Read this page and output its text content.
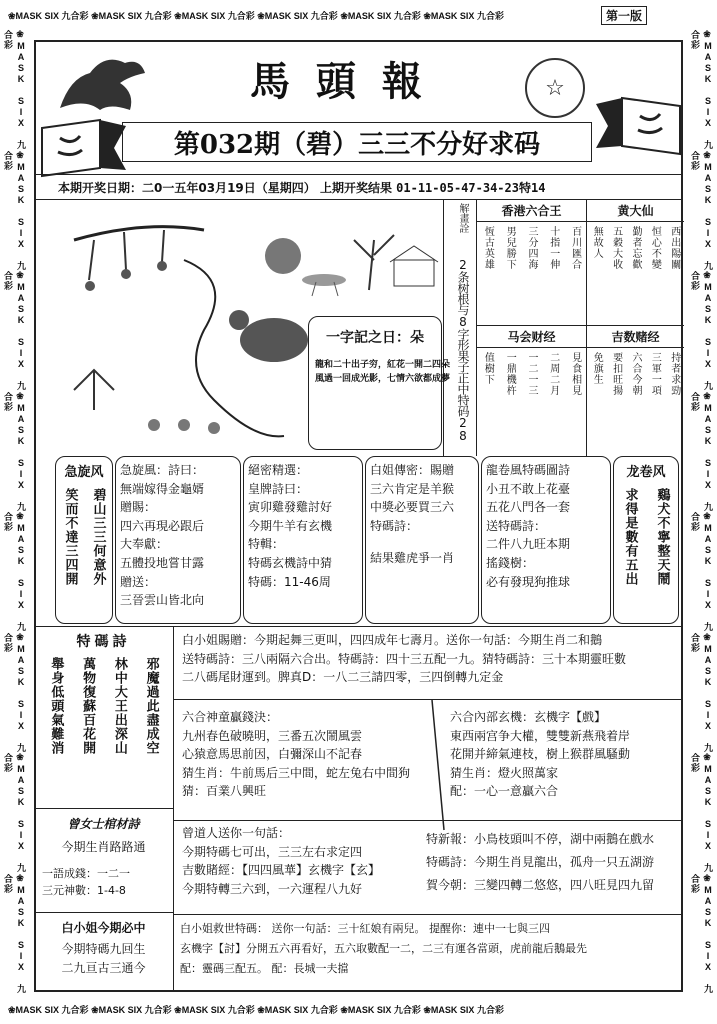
❀MASK SIX 九合彩
❀MASK SIX 九合彩
❀MASK SIX 九合彩
❀MASK SIX 九合彩
❀MASK SIX 九合彩
❀MASK SIX 九合彩	第一版
❀MASK SIX 九合彩
❀MASK SIX 九合彩
❀MASK SIX 九合彩
❀MASK SIX 九合彩
❀MASK SIX 九合彩
❀MASK SIX 九合彩
❀MASK SIX 九合彩
❀MASK SIX 九合彩
❀MASK SIX 九合彩
❀MASK SIX 九合彩
❀MASK SIX 九合彩
❀MASK SIX 九合彩
❀MASK SIX 九合彩
❀MASK SIX 九合彩
❀MASK SIX 九合彩
❀MASK SIX 九合彩
❀MASK SIX 九合彩
❀MASK SIX 九合彩
❀MASK SIX 九合彩
❀MASK SIX 九合彩
❀MASK SIX 九合彩
❀MASK SIX 九合彩
馬 頭 報	☆
第032期（碧）三三不分好求码
本期开奖日期： 二0一五年03月19日（星期四）
上期开奖结果
01-11-05-47-34-23特14
解畫詮
2条树根与8字形果子正中特码28
一字記之日：朵
龍和二十出子穷，紅花一開二四朵
風過一回成光影，七情六欲都成夢
香港六合王
百川匯合
十指一伸
三分四海
男兒勝下
恆古英雄
黄大仙
西出陽關
恒心不變
勤者忘歡
五穀大收
無故人
马会财经
見食相見
二周二月
一二一三
一鼎機杵
值樹下
吉数赌经
持者求勁
三軍一項
六合今朝
要扣旺揚
免旗生
急旋风
碧山三三何意外
笑而不達三四開
急旋風：詩曰：
無端嫁得金龜婿
贈賜：
四六再現必跟后
大奉獻：
五體投地嘗甘露
贈送：
三晉雲山皆北向
絕密精選：
皇牌詩曰：
寅卯雞發雞討好
今期牛羊有玄機
特輯：
特碼玄機詩中猜
特碼：11-46周
白姐傳密：賜贈
三六肯定是羊猴
中獎必要買三六
特碼詩：
結果雞虎爭一肖
龍卷風特碼圖詩
小丑不敢上花臺
五花八門各一套
送特碼詩：
二件八九旺本期
搖錢樹：
必有發現狗推球
龙卷风
鷄犬不寧整天鬧
求得是數有五出
特碼詩
邪魔過此盡成空
林中大王出深山
萬物復蘇百花開
舉身低頭氣難消
曾女士棺材詩
今期生肖路路通
一語成錢：一二一
三元神數：1-4-8
白小姐今期必中
今期特碼九回生
二九亘古三通今
白小姐賜贈：今期起舞三更叫，四四成年七壽月。送你一句話：今期生肖二和鵝
送特碼詩：三八兩隔六合出。特碼詩：四十三五配一九。猜特碼詩：三十本期靈旺數
二八碼尾財運到。脾真D：一八二三請四零，三四倒轉九定金
六合神童贏錢決：
九州春色破曉明，三番五次鬧風雲
心猿意馬思前因，白彌深山不記春
猜生肖：牛前馬后三中間，蛇左兔右中間狗
猜：百業八興旺
六合內部玄機：玄機字【戲】
東西兩宫争大權，雙雙新燕飛着岸
花開并締氣連枝，樹上猴群風騷動
猜生肖：燈火照萬家
配：一心一意贏六合
曾道人送你一句話：
今期特碼七可出，三三左右求定四
吉數賭經：【四四風華】玄機字【玄】
今期特轉三六到，一六運程八九好
特新報：小鳥枝頭叫不停，湖中兩鵝在戲水
特碼詩：今期生肖見龍出，孤舟一只五湖游
賀今朝：三變四轉二悠悠，四八旺見四九留
白小姐救世特碼： 送你一句話：三十紅娘有兩兒。 提醒你：連中一七與三四
玄機字【討】分開五六再看好，五六取數配一二，二三有運各當頭，虎前龍后鵝最先
配：靈碼三配五。 配：長城一夫擋
